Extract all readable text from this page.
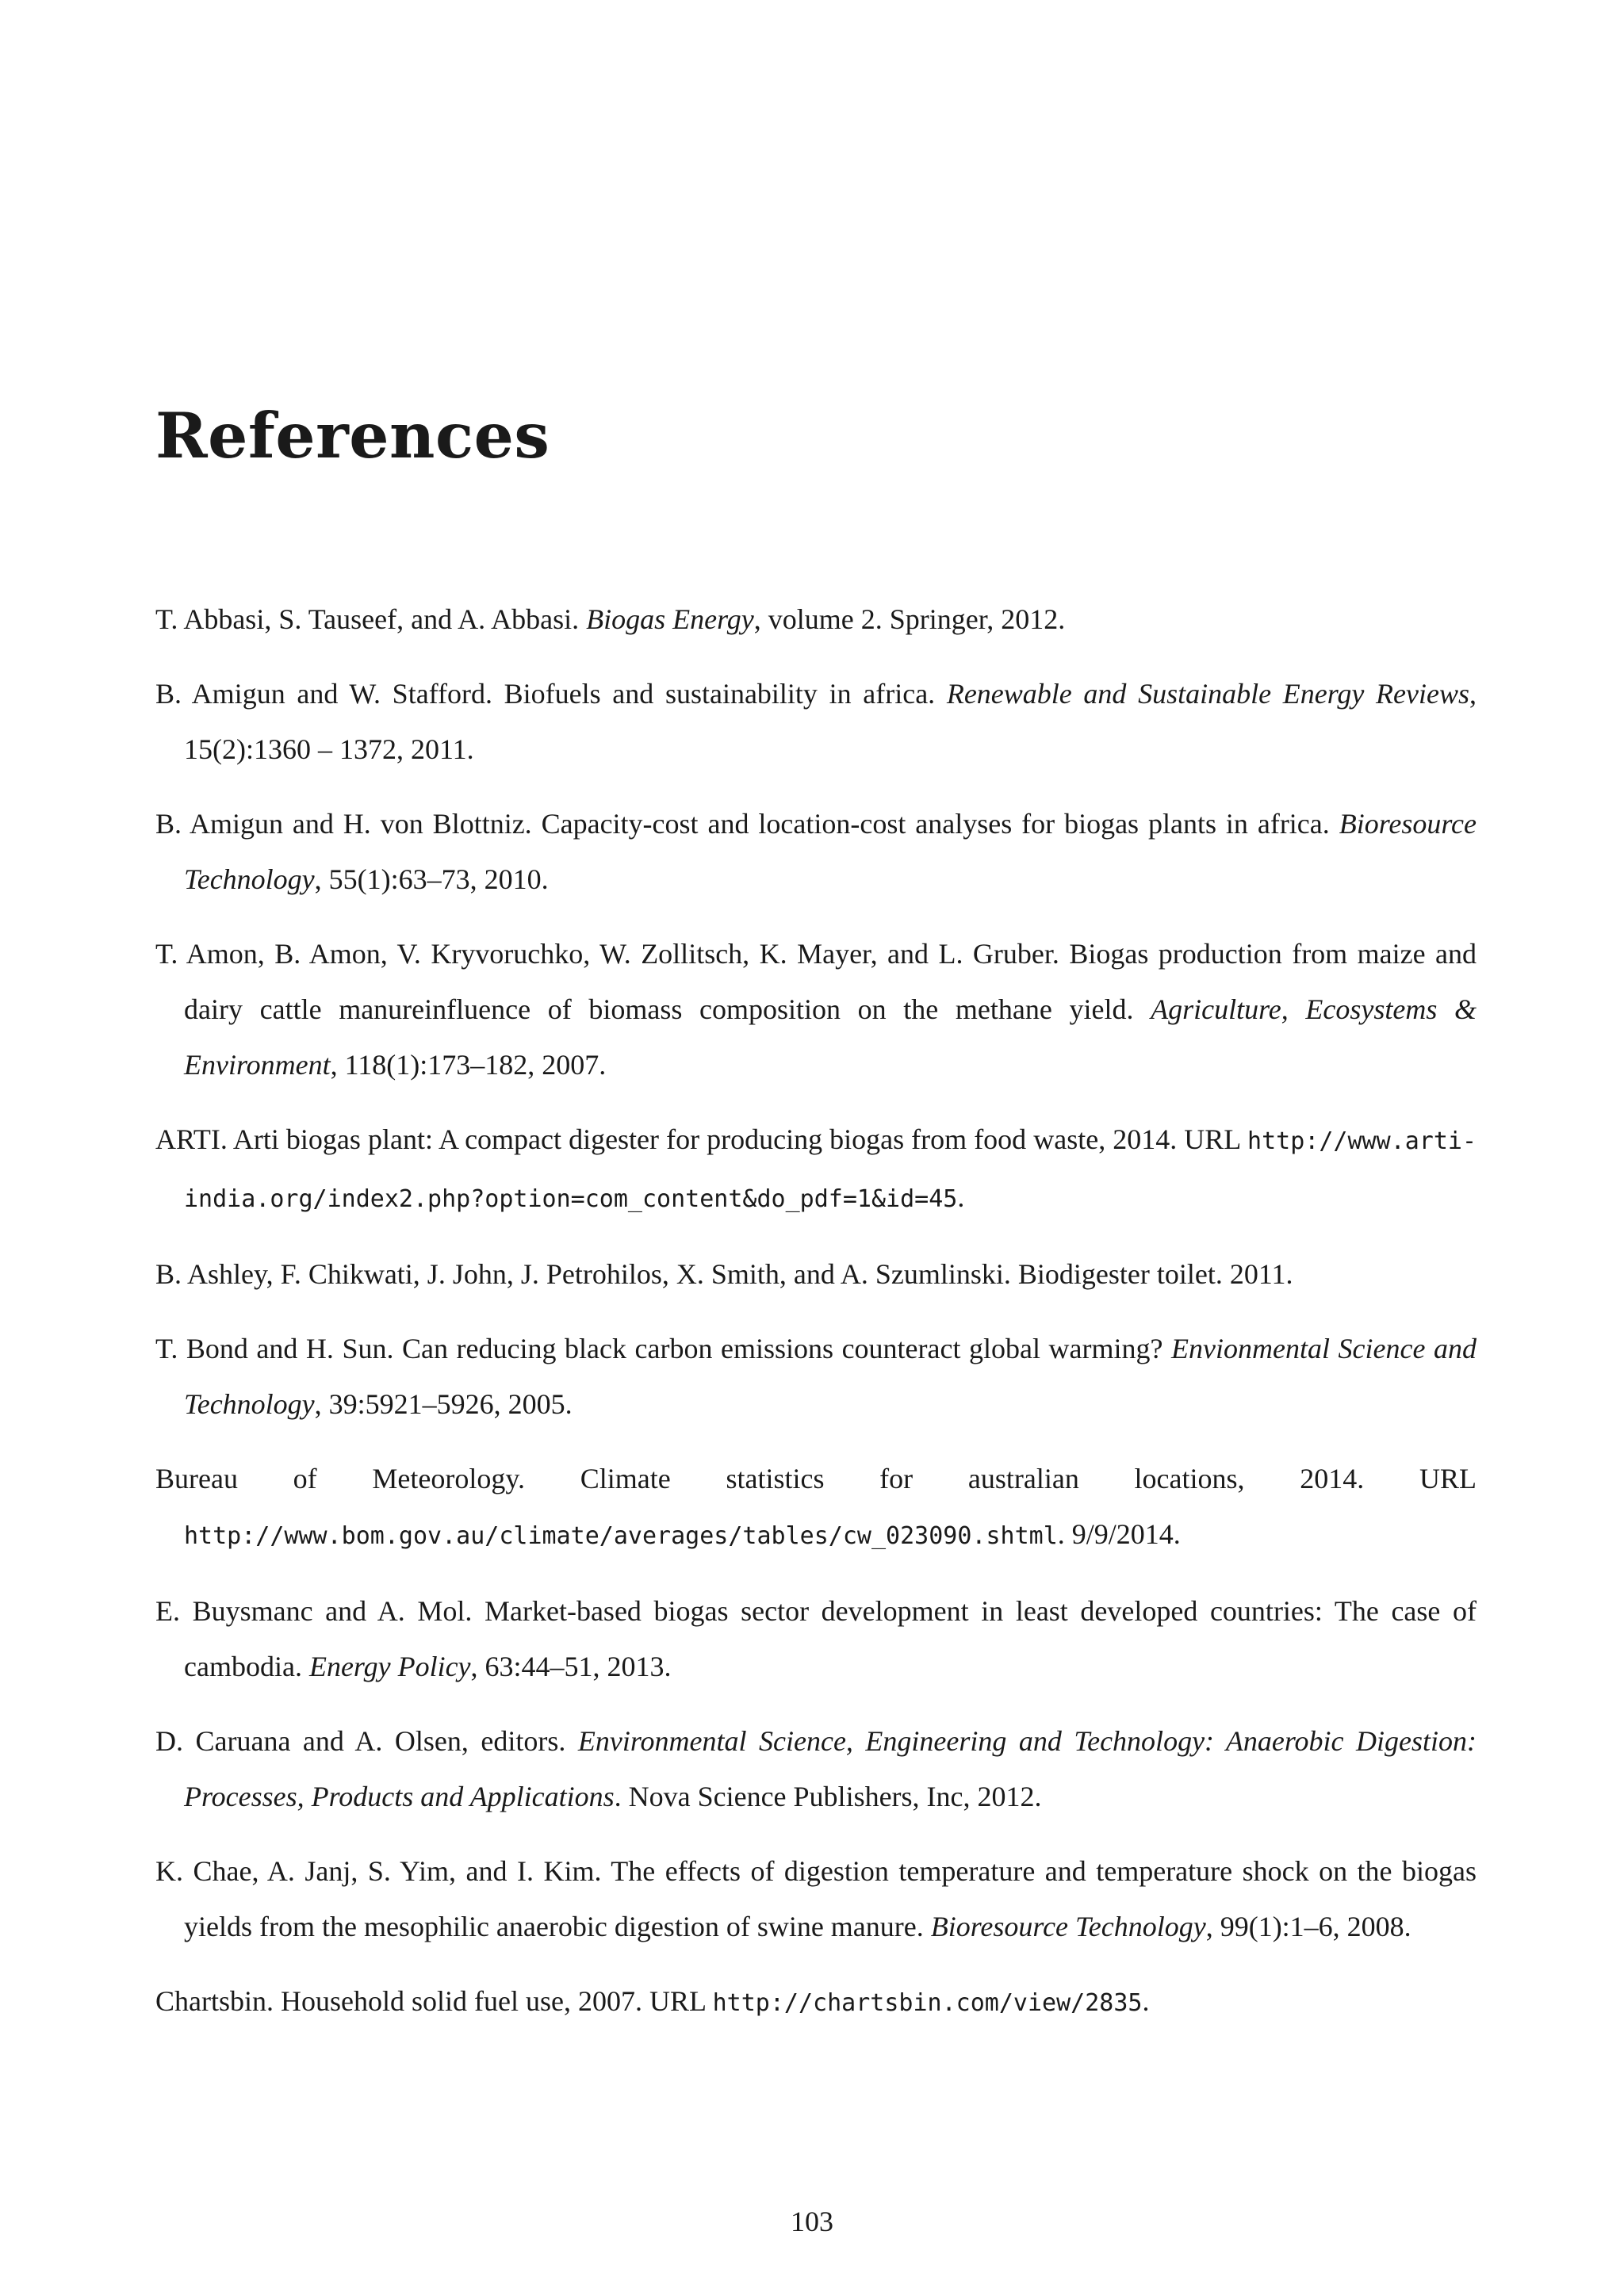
References
T. Abbasi, S. Tauseef, and A. Abbasi. Biogas Energy, volume 2. Springer, 2012.
B. Amigun and W. Stafford. Biofuels and sustainability in africa. Renewable and Sustainable Energy Reviews, 15(2):1360 – 1372, 2011.
B. Amigun and H. von Blottniz. Capacity-cost and location-cost analyses for biogas plants in africa. Bioresource Technology, 55(1):63–73, 2010.
T. Amon, B. Amon, V. Kryvoruchko, W. Zollitsch, K. Mayer, and L. Gruber. Biogas production from maize and dairy cattle manureinfluence of biomass composition on the methane yield. Agriculture, Ecosystems & Environment, 118(1):173–182, 2007.
ARTI. Arti biogas plant: A compact digester for producing biogas from food waste, 2014. URL http://www.arti-india.org/index2.php?option=com_content&do_pdf=1&id=45.
B. Ashley, F. Chikwati, J. John, J. Petrohilos, X. Smith, and A. Szumlinski. Biodigester toilet. 2011.
T. Bond and H. Sun. Can reducing black carbon emissions counteract global warming? Envionmental Science and Technology, 39:5921–5926, 2005.
Bureau of Meteorology. Climate statistics for australian locations, 2014. URL http://www.bom.gov.au/climate/averages/tables/cw_023090.shtml. 9/9/2014.
E. Buysmanc and A. Mol. Market-based biogas sector development in least developed countries: The case of cambodia. Energy Policy, 63:44–51, 2013.
D. Caruana and A. Olsen, editors. Environmental Science, Engineering and Technology: Anaerobic Digestion: Processes, Products and Applications. Nova Science Publishers, Inc, 2012.
K. Chae, A. Janj, S. Yim, and I. Kim. The effects of digestion temperature and temperature shock on the biogas yields from the mesophilic anaerobic digestion of swine manure. Bioresource Technology, 99(1):1–6, 2008.
Chartsbin. Household solid fuel use, 2007. URL http://chartsbin.com/view/2835.
103
